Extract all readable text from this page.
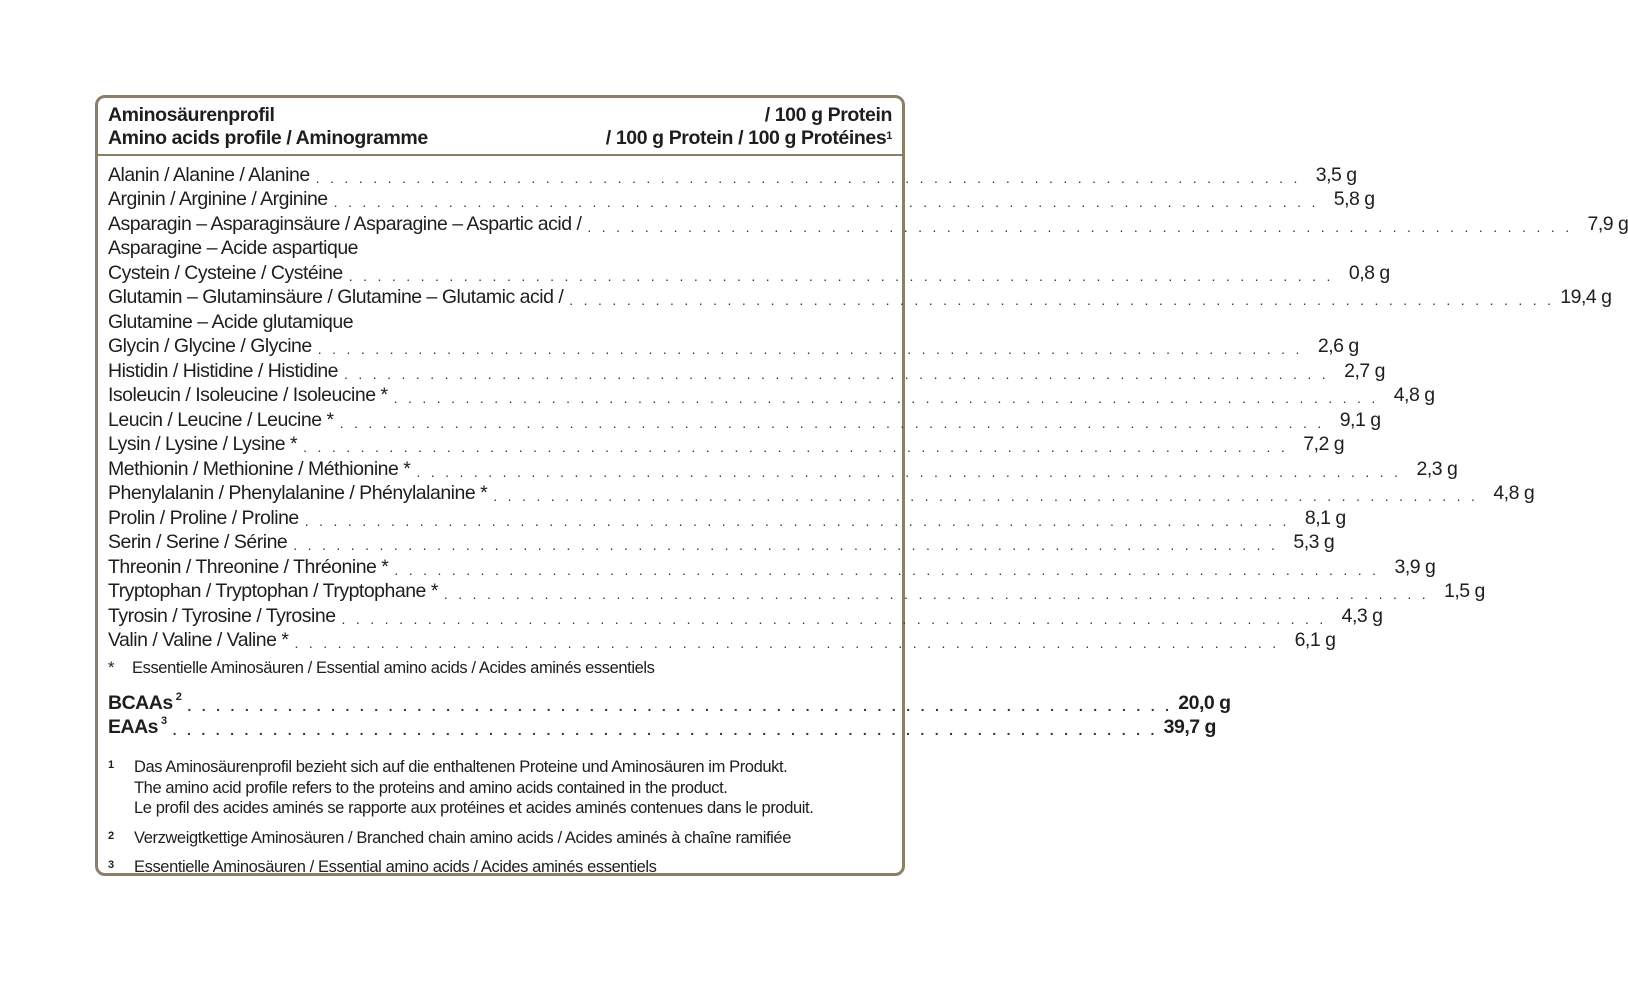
Aminosäurenprofil	/ 100 g Protein
Amino acids profile / Aminogramme	/ 100 g Protein / 100 g Protéines$^1$
Alanin / Alanine / Alanine . . . . . . . . . . . . . . . . . . . . . . . . . . . . . . . . . . . . . . . . . . . . . . . . . . . . . . . . . . . . . . . . . . . . . 3,5 g
Arginin / Arginine / Arginine . . . . . . . . . . . . . . . . . . . . . . . . . . . . . . . . . . . . . . . . . . . . . . . . . . . . . . . . . . . . . . . . . . . . . 5,8 g
Asparagin – Asparaginsäure / Asparagine – Aspartic acid / . . . . . . . . . . . . . . . . . . . . . . . . . . . . . . . . . . . . . . . . . . . . . . . . . . . . . . . . . . . . . . . . . . . . . 7,9 g
Asparagine – Acide aspartique
Cystein / Cysteine / Cystéine . . . . . . . . . . . . . . . . . . . . . . . . . . . . . . . . . . . . . . . . . . . . . . . . . . . . . . . . . . . . . . . . . . . . . 0,8 g
Glutamin – Glutaminsäure / Glutamine – Glutamic acid / . . . . . . . . . . . . . . . . . . . . . . . . . . . . . . . . . . . . . . . . . . . . . . . . . . . . . . . . . . . . . . . . . . . . . 19,4 g
Glutamine – Acide glutamique
Glycin / Glycine / Glycine . . . . . . . . . . . . . . . . . . . . . . . . . . . . . . . . . . . . . . . . . . . . . . . . . . . . . . . . . . . . . . . . . . . . . 2,6 g
Histidin / Histidine / Histidine . . . . . . . . . . . . . . . . . . . . . . . . . . . . . . . . . . . . . . . . . . . . . . . . . . . . . . . . . . . . . . . . . . . . . 2,7 g
Isoleucin / Isoleucine / Isoleucine * . . . . . . . . . . . . . . . . . . . . . . . . . . . . . . . . . . . . . . . . . . . . . . . . . . . . . . . . . . . . . . . . . . . . . 4,8 g
Leucin / Leucine / Leucine * . . . . . . . . . . . . . . . . . . . . . . . . . . . . . . . . . . . . . . . . . . . . . . . . . . . . . . . . . . . . . . . . . . . . . 9,1 g
Lysin / Lysine / Lysine * . . . . . . . . . . . . . . . . . . . . . . . . . . . . . . . . . . . . . . . . . . . . . . . . . . . . . . . . . . . . . . . . . . . . . 7,2 g
Methionin / Methionine / Méthionine * . . . . . . . . . . . . . . . . . . . . . . . . . . . . . . . . . . . . . . . . . . . . . . . . . . . . . . . . . . . . . . . . . . . . . 2,3 g
Phenylalanin / Phenylalanine / Phénylalanine * . . . . . . . . . . . . . . . . . . . . . . . . . . . . . . . . . . . . . . . . . . . . . . . . . . . . . . . . . . . . . . . . . . . . . 4,8 g
Prolin / Proline / Proline . . . . . . . . . . . . . . . . . . . . . . . . . . . . . . . . . . . . . . . . . . . . . . . . . . . . . . . . . . . . . . . . . . . . . 8,1 g
Serin / Serine / Sérine . . . . . . . . . . . . . . . . . . . . . . . . . . . . . . . . . . . . . . . . . . . . . . . . . . . . . . . . . . . . . . . . . . . . . 5,3 g
Threonin / Threonine / Thréonine * . . . . . . . . . . . . . . . . . . . . . . . . . . . . . . . . . . . . . . . . . . . . . . . . . . . . . . . . . . . . . . . . . . . . . 3,9 g
Tryptophan / Tryptophan / Tryptophane * . . . . . . . . . . . . . . . . . . . . . . . . . . . . . . . . . . . . . . . . . . . . . . . . . . . . . . . . . . . . . . . . . . . . . 1,5 g
Tyrosin / Tyrosine / Tyrosine . . . . . . . . . . . . . . . . . . . . . . . . . . . . . . . . . . . . . . . . . . . . . . . . . . . . . . . . . . . . . . . . . . . . . 4,3 g
Valin / Valine / Valine * . . . . . . . . . . . . . . . . . . . . . . . . . . . . . . . . . . . . . . . . . . . . . . . . . . . . . . . . . . . . . . . . . . . . . 6,1 g
* Essentielle Aminosäuren / Essential amino acids / Acides aminés essentiels
BCAAs $^2$
. . . . . . . . . . . . . . . . . . . . . . . . . . . . . . . . . . . . . . . . . . . . . . . . . . . . . . . . . . . . . . . . . . . . . 20,0 g
EAAs $^3$
. . . . . . . . . . . . . . . . . . . . . . . . . . . . . . . . . . . . . . . . . . . . . . . . . . . . . . . . . . . . . . . . . . . . . 39,7 g
1	Das Aminosäurenprofil bezieht sich auf die enthaltenen Proteine und Aminosäuren im Produkt.
The amino acid profile refers to the proteins and amino acids contained in the product.
Le profil des acides aminés se rapporte aux protéines et acides aminés contenues dans le produit.
2	Verzweigtkettige Aminosäuren / Branched chain amino acids / Acides aminés à chaîne ramifiée
3	Essentielle Aminosäuren / Essential amino acids / Acides aminés essentiels
